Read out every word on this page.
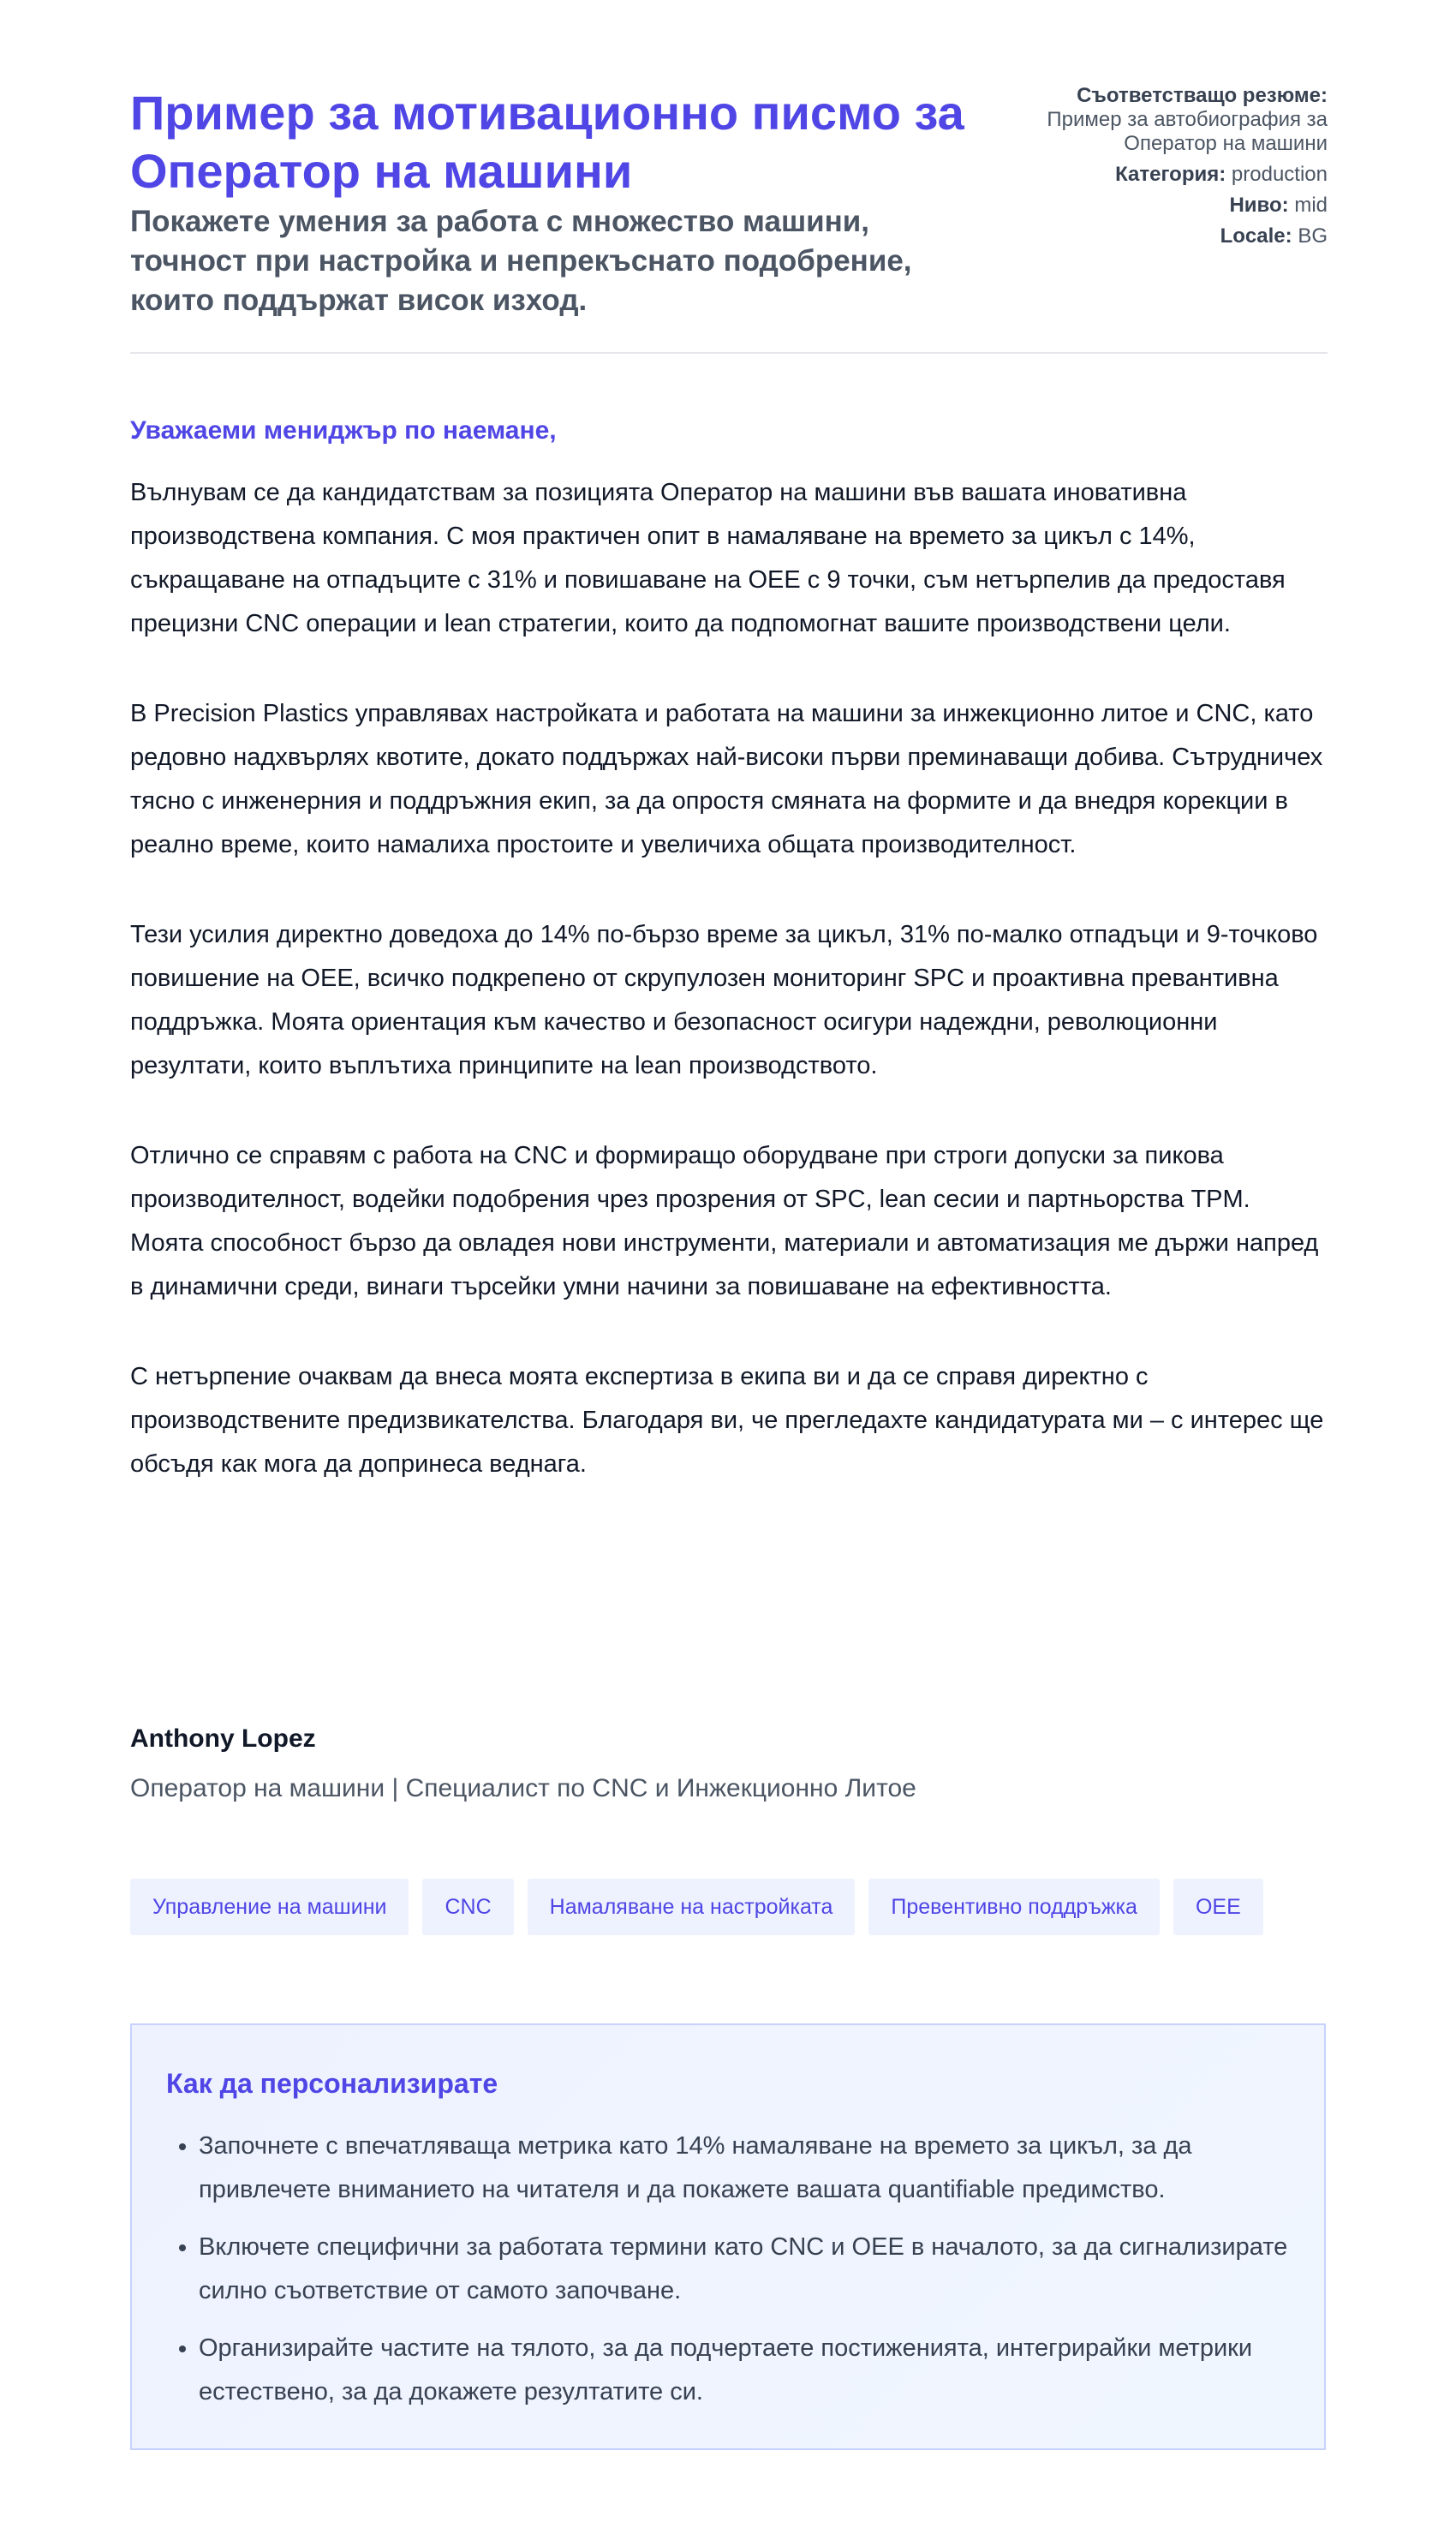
Пример за мотивационно писмо за Оператор на машини
Покажете умения за работа с множество машини, точност при настройка и непрекъснато подобрение, които поддържат висок изход.
Съответстващо резюме:
Пример за автобиография за Оператор на машини
Категория: production
Ниво: mid
Locale: BG

Уважаеми мениджър по наемане,

Вълнувам се да кандидатствам за позицията Оператор на машини във вашата иновативна производствена компания. С моя практичен опит в намаляване на времето за цикъл с 14%, съкращаване на отпадъците с 31% и повишаване на OEE с 9 точки, съм нетърпелив да предоставя прецизни CNC операции и lean стратегии, които да подпомогнат вашите производствени цели.

В Precision Plastics управлявах настройката и работата на машини за инжекционно литое и CNC, като редовно надхвърлях квотите, докато поддържах най-високи първи преминаващи добива. Сътрудничех тясно с инженерния и поддръжния екип, за да опростя смяната на формите и да внедря корекции в реално време, които намалиха простоите и увеличиха общата производителност.

Тези усилия директно доведоха до 14% по-бързо време за цикъл, 31% по-малко отпадъци и 9-точково повишение на OEE, всичко подкрепено от скрупулозен мониторинг SPC и проактивна превантивна поддръжка. Моята ориентация към качество и безопасност осигури надеждни, революционни резултати, които въплътиха принципите на lean производството.

Отлично се справям с работа на CNC и формиращо оборудване при строги допуски за пикова производителност, водейки подобрения чрез прозрения от SPC, lean сесии и партньорства TPM. Моята способност бързо да овладея нови инструменти, материали и автоматизация ме държи напред в динамични среди, винаги търсейки умни начини за повишаване на ефективността.

С нетърпение очаквам да внеса моята експертиза в екипа ви и да се справя директно с производствените предизвикателства. Благодаря ви, че прегледахте кандидатурата ми – с интерес ще обсъдя как мога да допринеса веднага.

Anthony Lopez
Оператор на машини | Специалист по CNC и Инжекционно Литое
Управление на машини	CNC	Намаляване на настройката	Превентивно поддръжка	OEE
Как да персонализирате
• Започнете с впечатляваща метрика като 14% намаляване на времето за цикъл, за да привлечете вниманието на читателя и да покажете вашата quantifiable предимство.
• Включете специфични за работата термини като CNC и OEE в началото, за да сигнализирате силно съответствие от самото започване.
• Организирайте частите на тялото, за да подчертаете постиженията, интегрирайки метрики естествено, за да докажете резултатите си.
